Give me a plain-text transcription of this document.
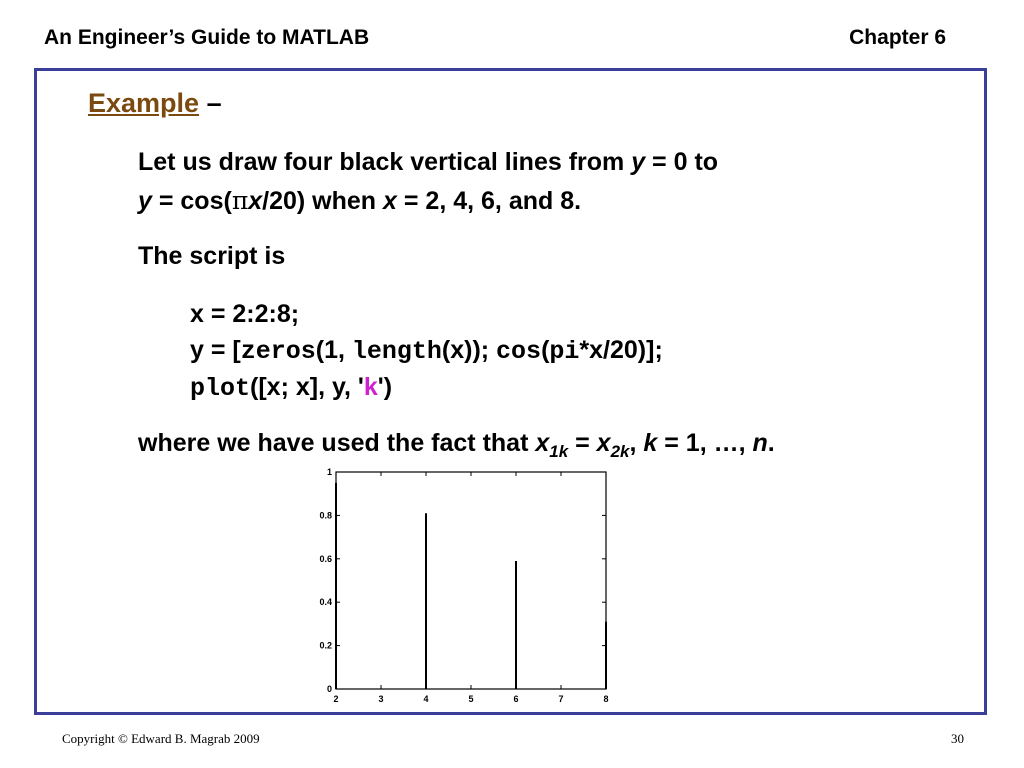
An Engineer’s Guide to MATLAB	Chapter 6
Example –
Let us draw four black vertical lines from y = 0 to
y = cos(πx/20) when x = 2, 4, 6, and 8.
The script is
x = 2:2:8;
y = [zeros(1, length(x)); cos(pi*x/20)];
plot([x; x], y, 'k')
where we have used the fact that $x_{1k} = x_{2k}$, k = 1, …, n.
2	3	4	5	6	7	8
0
0.2
0.4
0.6
0.8
1
Copyright © Edward B. Magrab 2009	30
